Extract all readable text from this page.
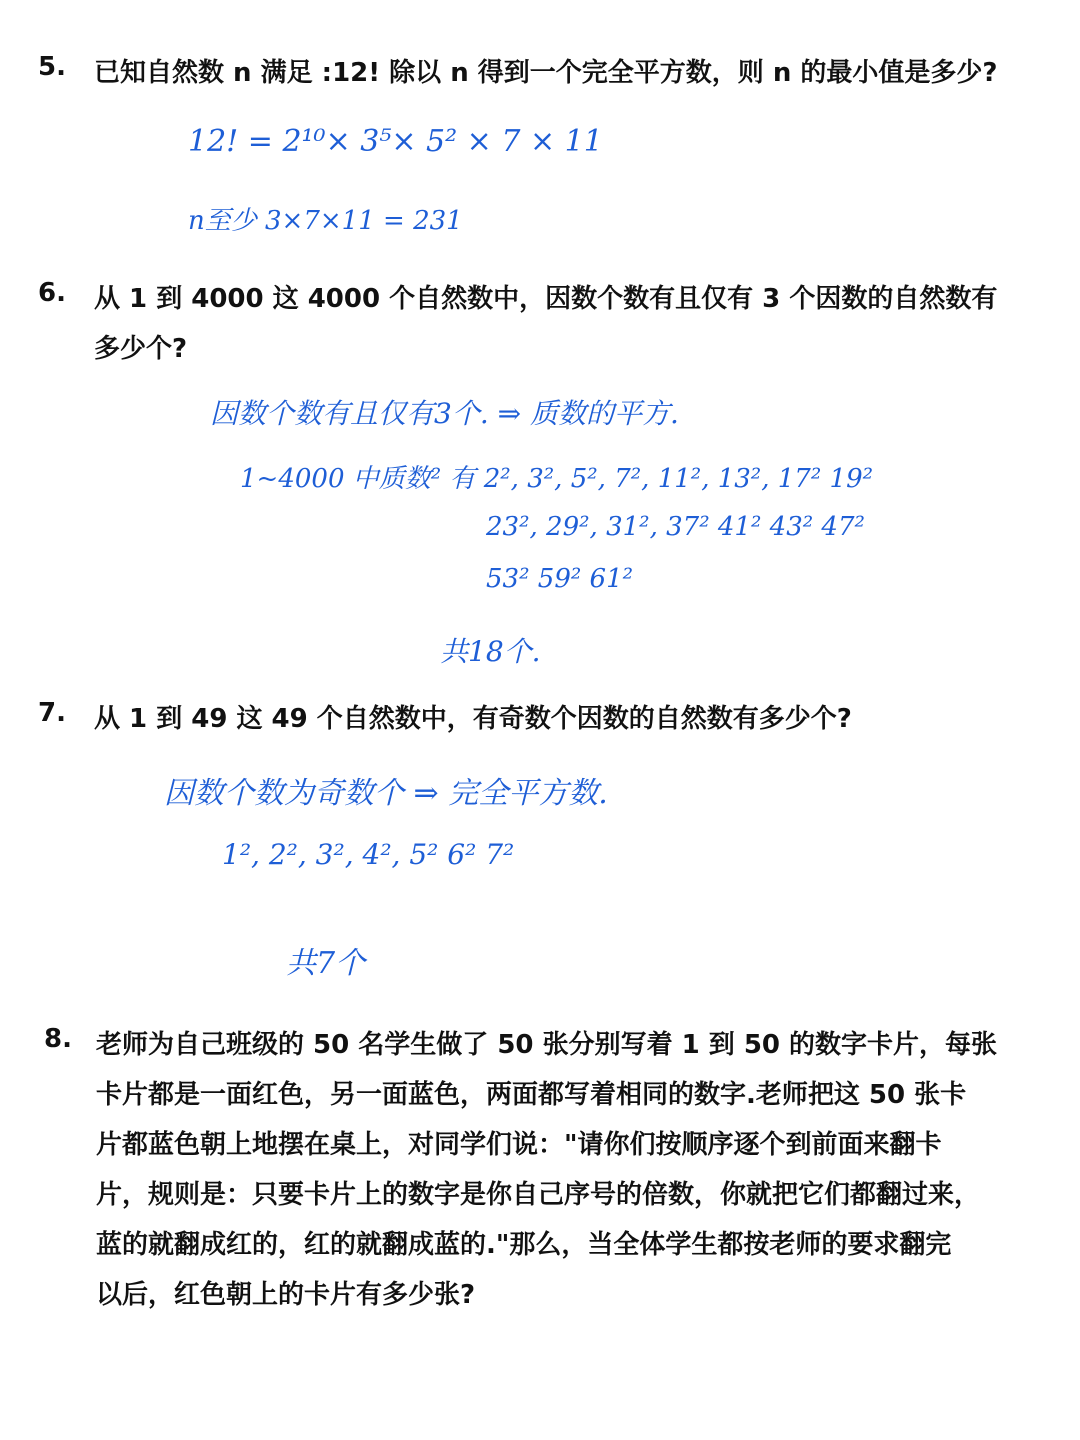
5. 已知自然数 n 满足 :12! 除以 n 得到一个完全平方数，则 n 的最小值是多少?
12! = 2¹⁰× 3⁵× 5² × 7 × 11
n至少 3×7×11 = 231
6. 从 1 到 4000 这 4000 个自然数中，因数个数有且仅有 3 个因数的自然数有
多少个?
因数个数有且仅有3个. ⇒ 质数的平方.
1~4000 中质数² 有 2², 3², 5², 7², 11², 13², 17² 19²
23², 29², 31², 37² 41² 43² 47²
53² 59² 61²
共18个.
7. 从 1 到 49 这 49 个自然数中，有奇数个因数的自然数有多少个?
因数个数为奇数个 ⇒ 完全平方数.
1², 2², 3², 4², 5² 6² 7²
共7个
8. 老师为自己班级的 50 名学生做了 50 张分别写着 1 到 50 的数字卡片，每张
卡片都是一面红色，另一面蓝色，两面都写着相同的数字.老师把这 50 张卡
片都蓝色朝上地摆在桌上，对同学们说："请你们按顺序逐个到前面来翻卡
片，规则是：只要卡片上的数字是你自己序号的倍数，你就把它们都翻过来，
蓝的就翻成红的，红的就翻成蓝的."那么，当全体学生都按老师的要求翻完
以后，红色朝上的卡片有多少张?
